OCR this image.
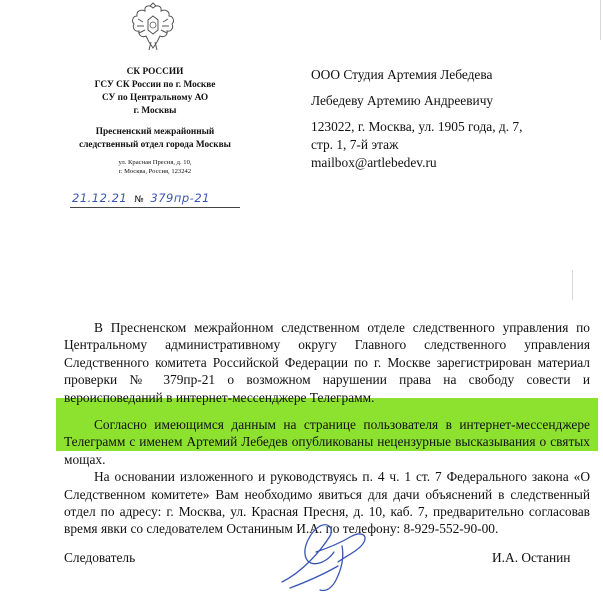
СК РОССИИ
ГСУ СК России по г. Москве
СУ по Центральному АО
г. Москвы
Пресненский межрайонный
следственный отдел города Москвы
ул. Красная Пресня, д. 10,
г. Москва, Россия, 123242
21.12.21 № 379пр-21
ООО Студия Артемия Лебедева
Лебедеву Артемию Андреевичу
123022, г. Москва, ул. 1905 года, д. 7,
стр. 1, 7-й этаж
mailbox@artlebedev.ru

В Пресненском межрайонном следственном отделе следственного управления по Центральному административному округу Главного следственного управления Следственного комитета Российской Федерации по г. Москве зарегистрирован материал проверки № 379пр-21 о возможном нарушении права на свободу совести и вероисповеданий в интернет-мессенджере Телеграмм.

Согласно имеющимся данным на странице пользователя в интернет-мессенджере Телеграмм с именем Артемий Лебедев опубликованы нецензурные высказывания о святых мощах.

На основании изложенного и руководствуясь п. 4 ч. 1 ст. 7 Федерального закона «О Следственном комитете» Вам необходимо явиться для дачи объяснений в следственный отдел по адресу: г. Москва, ул. Красная Пресня, д. 10, каб. 7, предварительно согласовав время явки со следователем Останиным И.А. по телефону: 8-929-552-90-00.

Следователь	И.А. Останин
